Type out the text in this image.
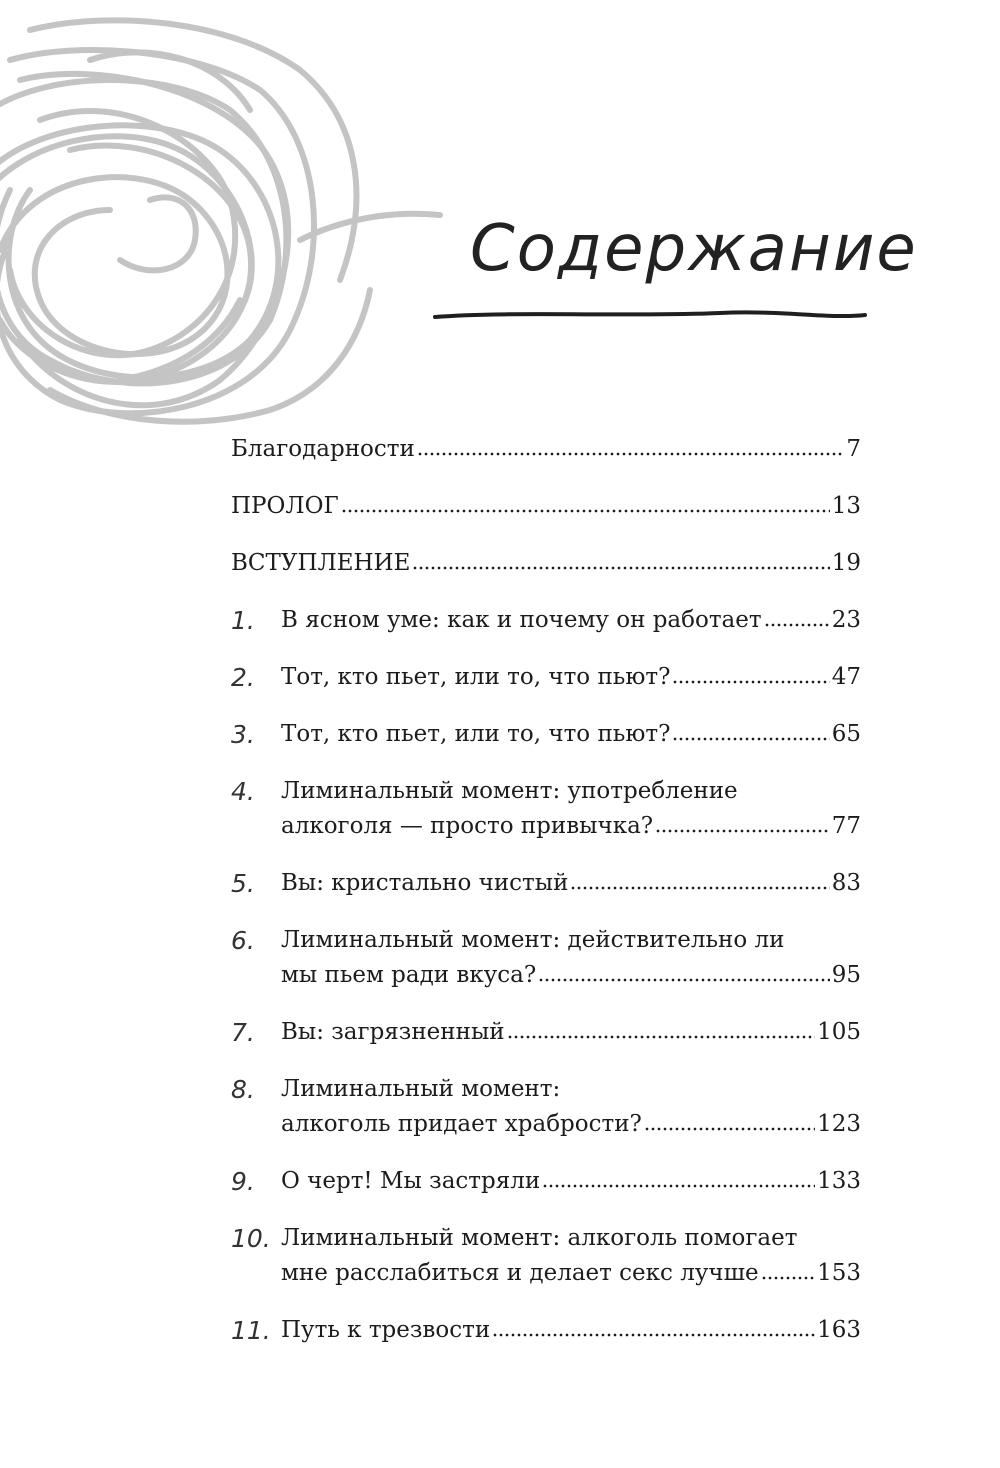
Содержание
Благодарности	7
ПРОЛОГ	13
ВСТУПЛЕНИЕ	19
1.	В ясном уме: как и почему он работает	23
2.	Тот, кто пьет, или то, что пьют?	47
3.	Тот, кто пьет, или то, что пьют?	65
4.	Лиминальный момент: употребление
алкоголя — просто привычка?	77
5.	Вы: кристально чистый	83
6.	Лиминальный момент: действительно ли
мы пьем ради вкуса?	95
7.	Вы: загрязненный	105
8.	Лиминальный момент:
алкоголь придает храбрости?	123
9.	О черт! Мы застряли	133
10. Лиминальный момент: алкоголь помогает
мне расслабиться и делает секс лучше	153
11. Путь к трезвости	163
